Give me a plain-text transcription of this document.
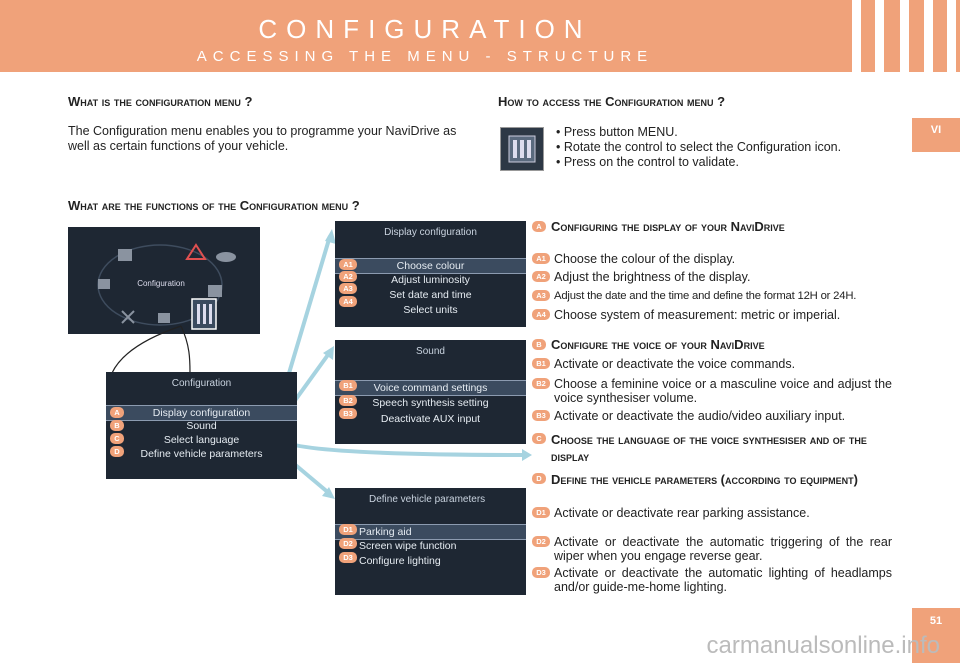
CONFIGURATION
ACCESSING THE MENU - STRUCTURE
VI
51
What is the configuration menu ?
The Configuration menu enables you to programme your NaviDrive as well as certain functions of your vehicle.
How to access the Configuration menu ?
• Press button MENU.
• Rotate the control to select the Configuration icon.
• Press on the control to validate.
What are the functions of the Configuration menu ?
Configuration
Configuration
Display configuration
Sound
Select language
Define vehicle parameters
A
B
C
D
Display configuration
Choose colour
Adjust luminosity
Set date and time
Select units
A1
A2
A3
A4
Sound
Voice command settings
Speech synthesis setting
Deactivate AUX input
B1
B2
B3
Define vehicle parameters
Parking aid
Screen wipe function
Configure lighting
D1
D2
D3
A Configuring the display of your NaviDrive
A1 Choose the colour of the display.
A2 Adjust the brightness of the display.
A3 Adjust the date and the time and define the format 12H or 24H.
A4 Choose system of measurement: metric or imperial.
B Configure the voice of your NaviDrive
B1 Activate or deactivate the voice commands.
B2 Choose a feminine voice or a masculine voice and adjust the voice synthesiser volume.
B3 Activate or deactivate the audio/video auxiliary input.
C Choose the language of the voice synthesiser and of the display
D Define the vehicle parameters (according to equipment)
D1 Activate or deactivate rear parking assistance.
D2 Activate or deactivate the automatic triggering of the rear wiper when you engage reverse gear.
D3 Activate or deactivate the automatic lighting of headlamps and/or guide-me-home lighting.
carmanualsonline.info
